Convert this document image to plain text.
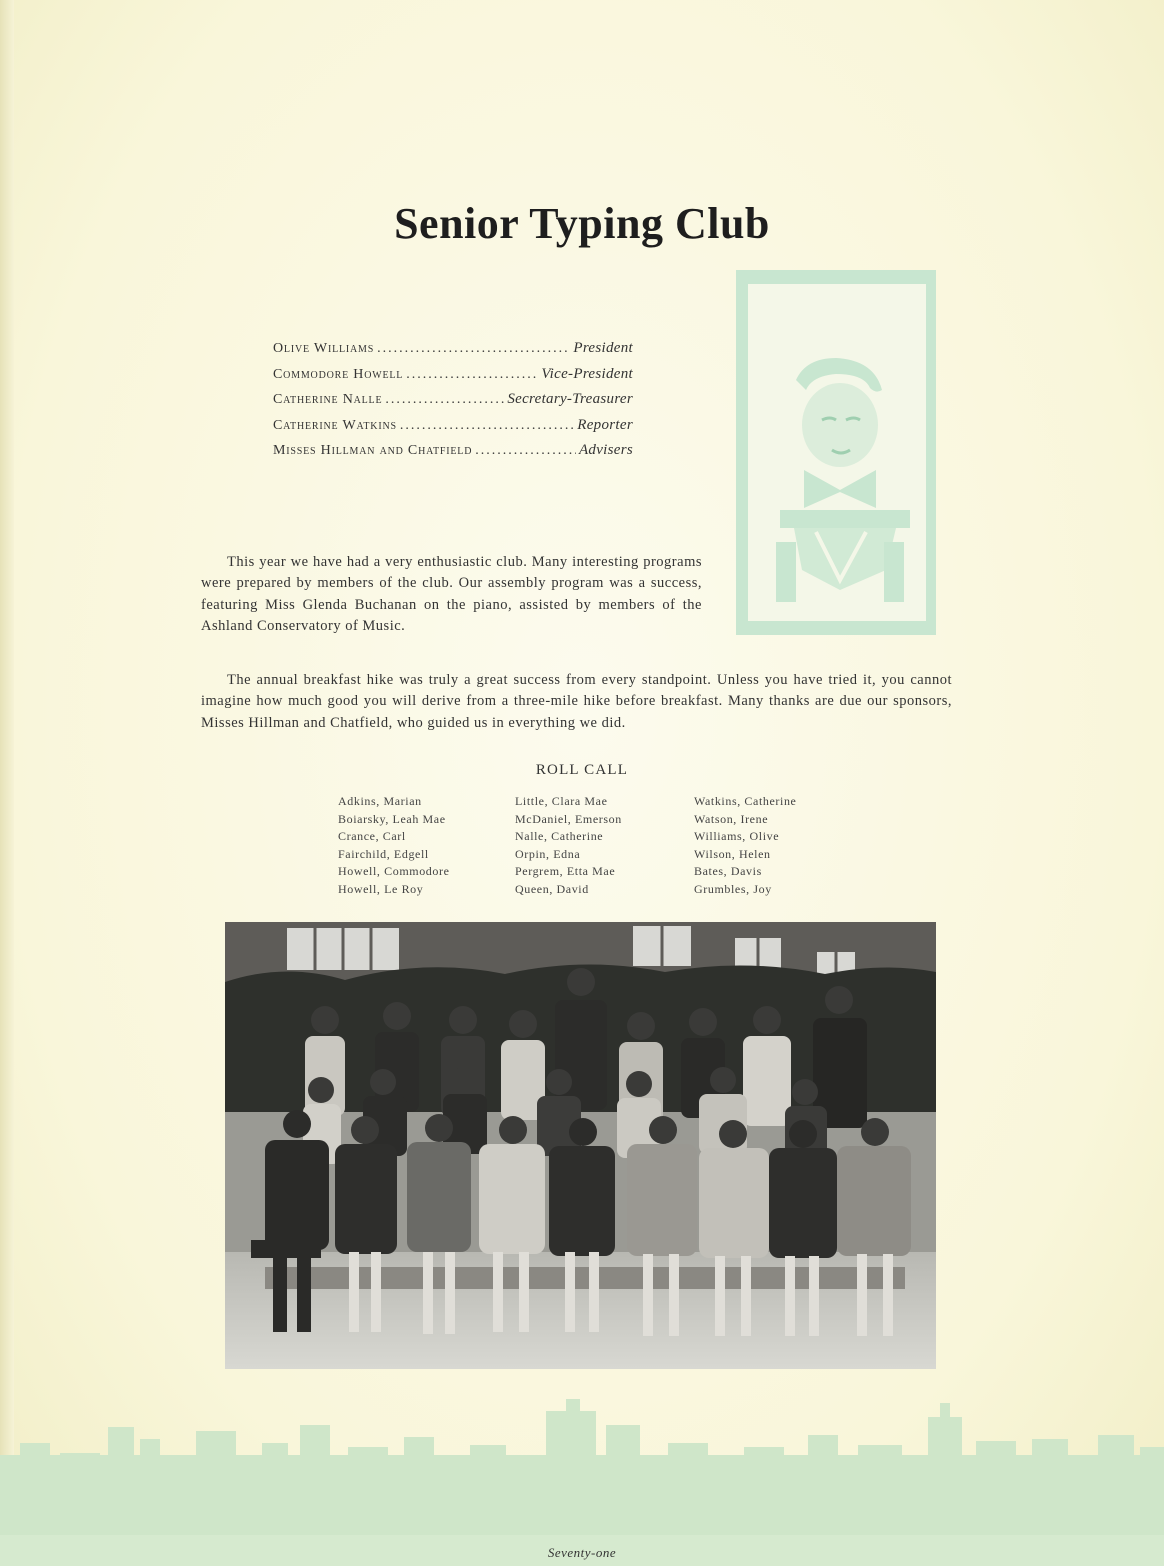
Senior Typing Club
Olive Williams .....	President
Commodore Howell .....	Vice-President
Catherine Nalle .....	Secretary-Treasurer
Catherine Watkins .....	Reporter
Misses Hillman and Chatfield .....	Advisers

This year we have had a very enthusiastic club. Many interesting programs were prepared by members of the club. Our assembly program was a success, featuring Miss Glenda Buchanan on the piano, assisted by members of the Ashland Conservatory of Music.

The annual breakfast hike was truly a great success from every standpoint. Unless you have tried it, you cannot imagine how much good you will derive from a three-mile hike before breakfast. Many thanks are due our sponsors, Misses Hillman and Chatfield, who guided us in everything we did.

ROLL CALL
Adkins, Marian
Boiarsky, Leah Mae
Crance, Carl
Fairchild, Edgell
Howell, Commodore
Howell, Le Roy
Little, Clara Mae
McDaniel, Emerson
Nalle, Catherine
Orpin, Edna
Pergrem, Etta Mae
Queen, David
Watkins, Catherine
Watson, Irene
Williams, Olive
Wilson, Helen
Bates, Davis
Grumbles, Joy
Seventy-one
